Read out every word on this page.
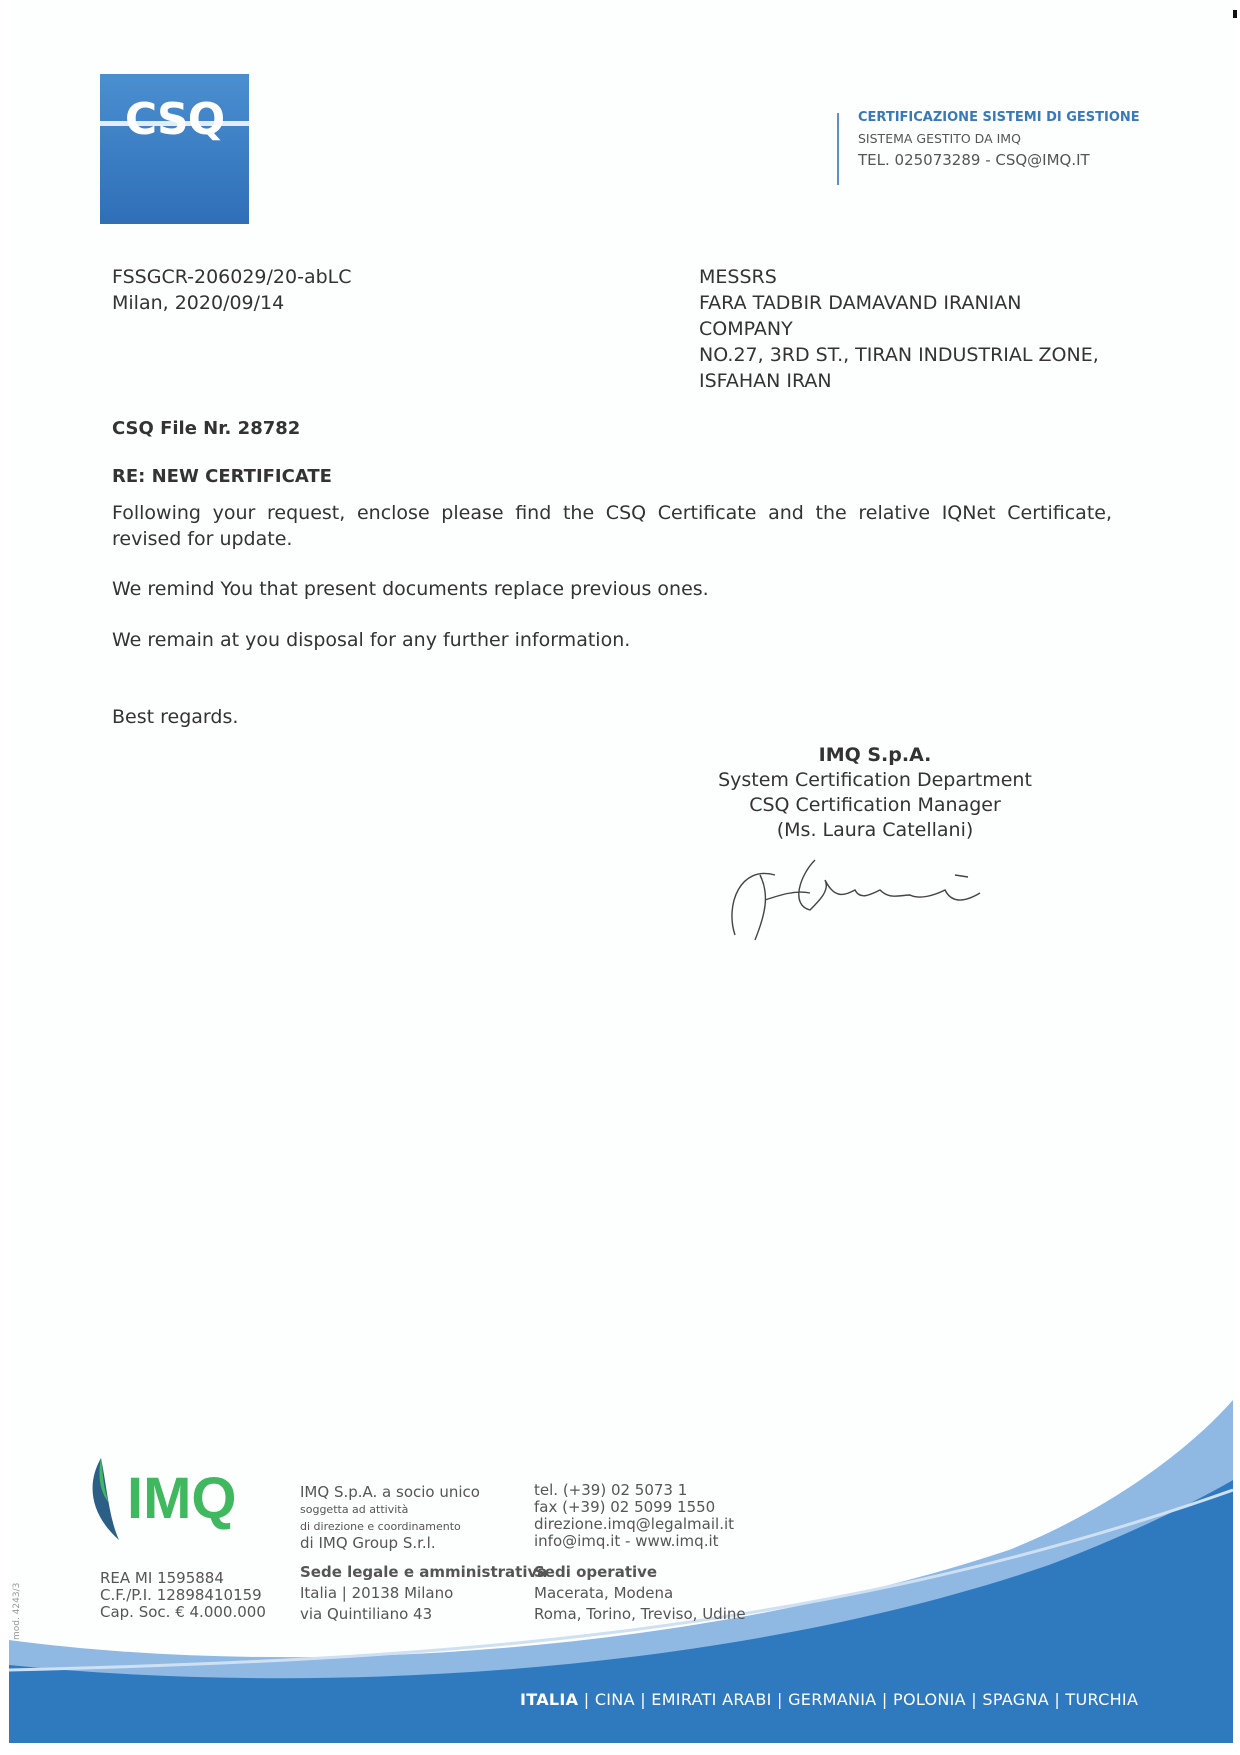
CSQ	CERTIFICAZIONE SISTEMI DI GESTIONE
SISTEMA GESTITO DA IMQ
TEL. 025073289 - CSQ@IMQ.IT
FSSGCR-206029/20-abLC
Milan, 2020/09/14
MESSRS
FARA TADBIR DAMAVAND IRANIAN
COMPANY
NO.27, 3RD ST., TIRAN INDUSTRIAL ZONE,
ISFAHAN IRAN
CSQ File Nr. 28782
RE: NEW CERTIFICATE
Following your request, enclose please find the CSQ Certificate and the relative IQNet Certificate, revised for update.
We remind You that present documents replace previous ones.
We remain at you disposal for any further information.
Best regards.
IMQ S.p.A.
System Certification Department
CSQ Certification Manager
(Ms. Laura Catellani)
IMQ	IMQ S.p.A. a socio unico
soggetta ad attività
di direzione e coordinamento
di IMQ Group S.r.l.
tel. (+39) 02 5073 1
fax (+39) 02 5099 1550
direzione.imq@legalmail.it
info@imq.it - www.imq.it
REA MI 1595884
C.F./P.I. 12898410159
Cap. Soc. € 4.000.000
Sede legale e amministrativa
Italia | 20138 Milano
via Quintiliano 43
Sedi operative
Macerata, Modena
Roma, Torino, Treviso, Udine
mod. 4243/3
ITALIA | CINA | EMIRATI ARABI | GERMANIA | POLONIA | SPAGNA | TURCHIA
